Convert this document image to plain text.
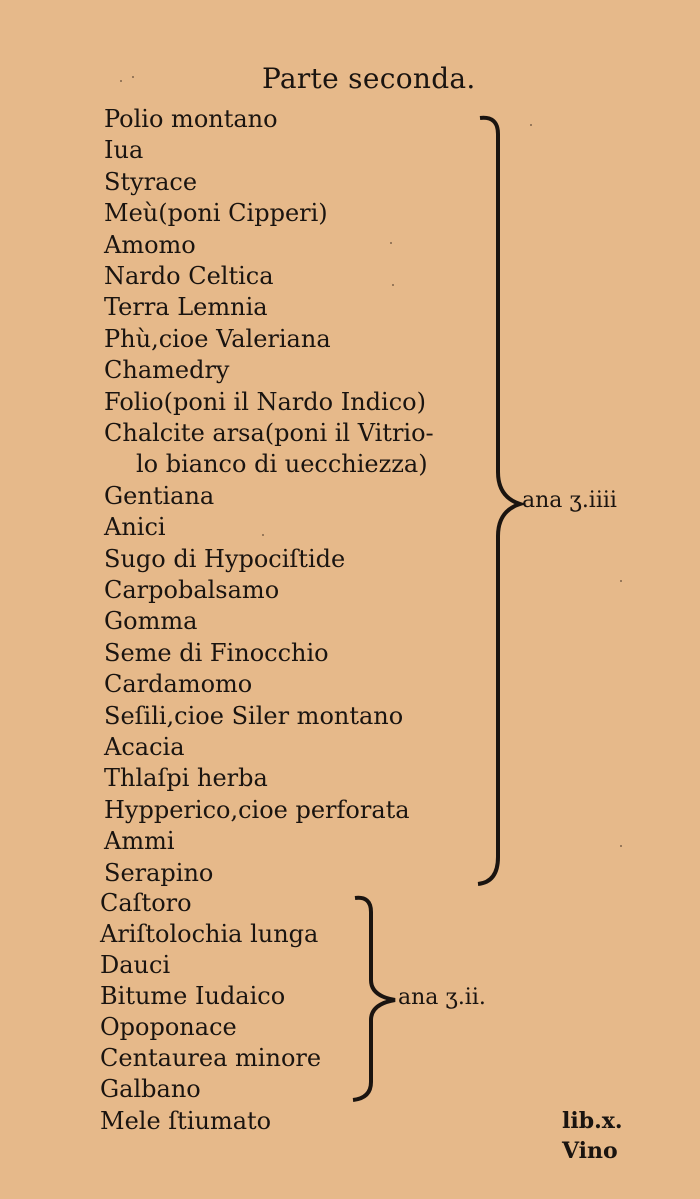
Parte seconda.
Polio montano
Iua
Styrace
Meù(poni Cipperi)
Amomo
Nardo Celtica
Terra Lemnia
Phù,cioe Valeriana
Chamedry
Folio(poni il Nardo Indico)
Chalcite arsa(poni il Vitrio-
lo bianco di uecchiezza)
Gentiana
Anici
Sugo di Hypociſtide
Carpobalsamo
Gomma
Seme di Finocchio
Cardamomo
Seſili,cioe Siler montano
Acacia
Thlaſpi herba
Hypperico,cioe perforata
Ammi
Serapino
Caſtoro
Ariſtolochia lunga
Dauci
Bitume Iudaico
Opoponace
Centaurea minore
Galbano
ana ʒ.iiii
ana ʒ.ii.
Mele ſtiumato	lib.x.
Vino
